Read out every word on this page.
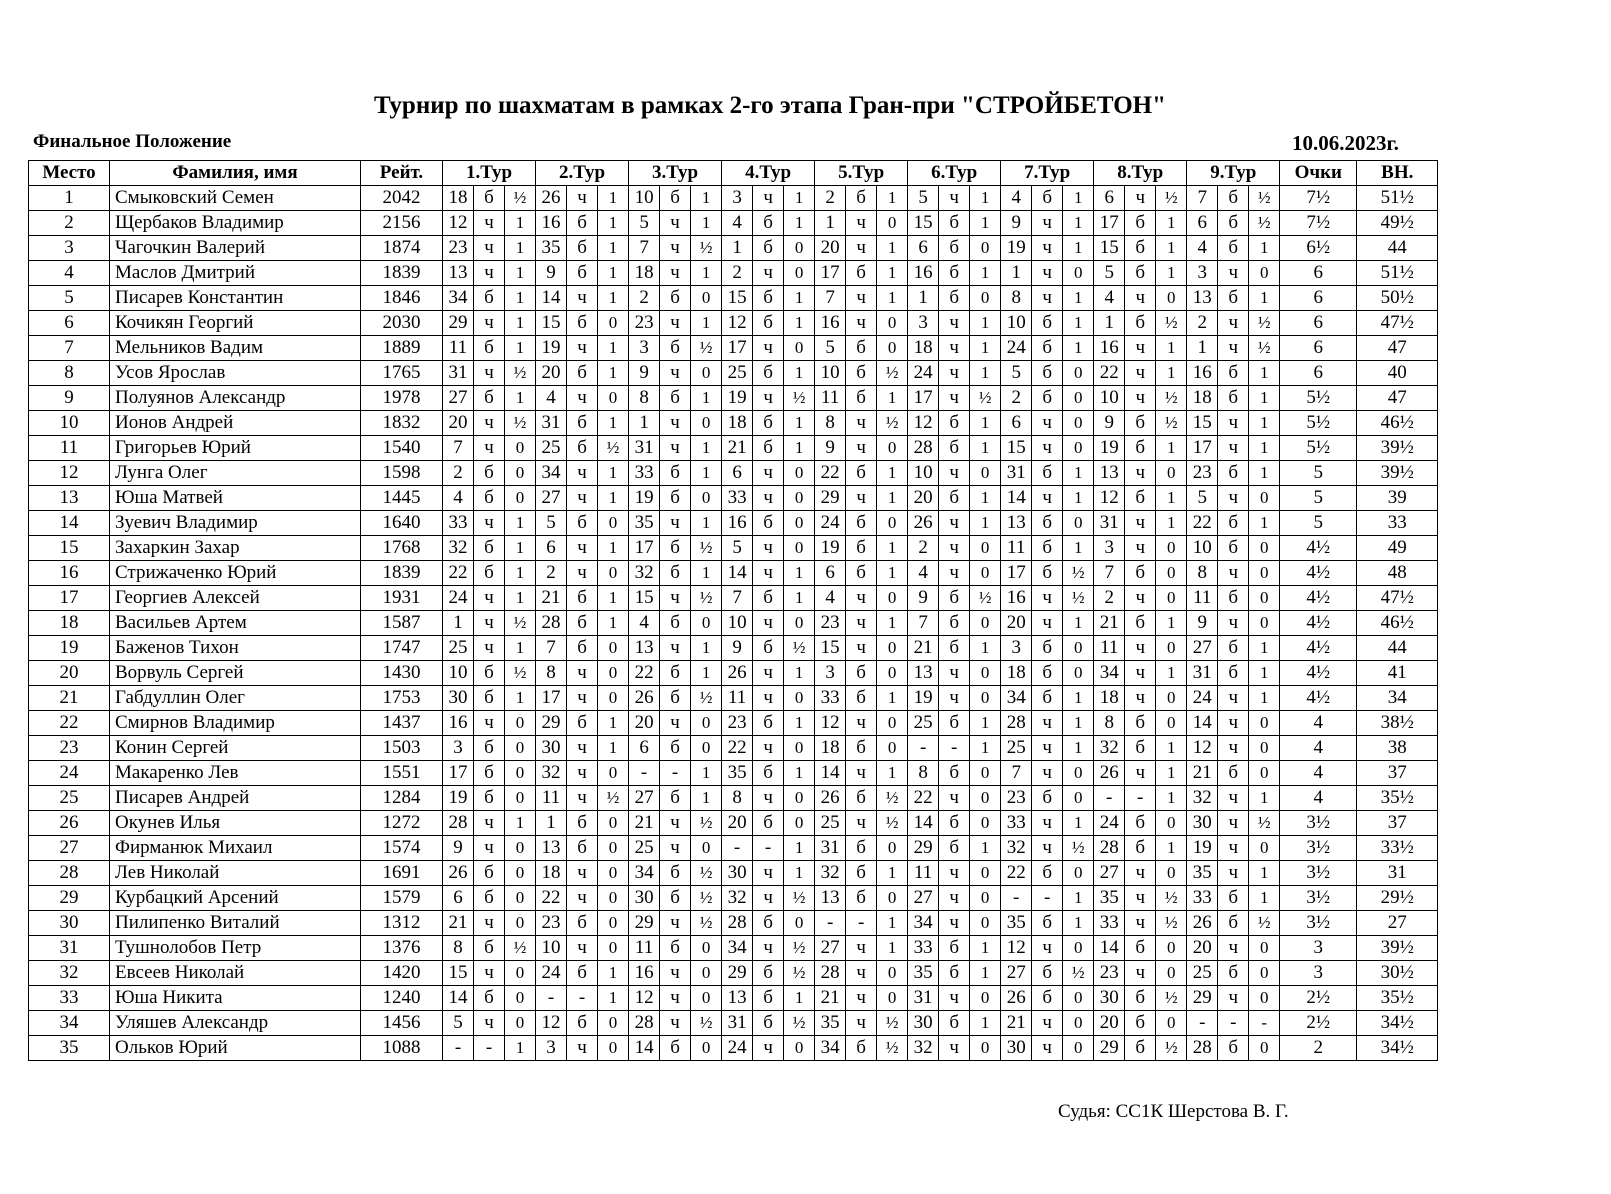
Турнир по шахматам в рамках 2-го этапа Гран-при "СТРОЙБЕТОН"
Финальное Положение	10.06.2023г.
Место	Фамилия, имя	Рейт.	1.Тур			2.Тур			3.Тур			4.Тур			5.Тур			6.Тур			7.Тур			8.Тур			9.Тур			Очки	ВН.
1	Смыковский Семен	2042	18	б	½	26	ч	1	10	б	1	3	ч	1	2	б	1	5	ч	1	4	б	1	6	ч	½	7	б	½	7½	51½
2	Щербаков Владимир	2156	12	ч	1	16	б	1	5	ч	1	4	б	1	1	ч	0	15	б	1	9	ч	1	17	б	1	6	б	½	7½	49½
3	Чагочкин Валерий	1874	23	ч	1	35	б	1	7	ч	½	1	б	0	20	ч	1	6	б	0	19	ч	1	15	б	1	4	б	1	6½	44
4	Маслов Дмитрий	1839	13	ч	1	9	б	1	18	ч	1	2	ч	0	17	б	1	16	б	1	1	ч	0	5	б	1	3	ч	0	6	51½
5	Писарев Константин	1846	34	б	1	14	ч	1	2	б	0	15	б	1	7	ч	1	1	б	0	8	ч	1	4	ч	0	13	б	1	6	50½
6	Кочикян Георгий	2030	29	ч	1	15	б	0	23	ч	1	12	б	1	16	ч	0	3	ч	1	10	б	1	1	б	½	2	ч	½	6	47½
7	Мельников Вадим	1889	11	б	1	19	ч	1	3	б	½	17	ч	0	5	б	0	18	ч	1	24	б	1	16	ч	1	1	ч	½	6	47
8	Усов Ярослав	1765	31	ч	½	20	б	1	9	ч	0	25	б	1	10	б	½	24	ч	1	5	б	0	22	ч	1	16	б	1	6	40
9	Полуянов Александр	1978	27	б	1	4	ч	0	8	б	1	19	ч	½	11	б	1	17	ч	½	2	б	0	10	ч	½	18	б	1	5½	47
10	Ионов Андрей	1832	20	ч	½	31	б	1	1	ч	0	18	б	1	8	ч	½	12	б	1	6	ч	0	9	б	½	15	ч	1	5½	46½
11	Григорьев Юрий	1540	7	ч	0	25	б	½	31	ч	1	21	б	1	9	ч	0	28	б	1	15	ч	0	19	б	1	17	ч	1	5½	39½
12	Лунга Олег	1598	2	б	0	34	ч	1	33	б	1	6	ч	0	22	б	1	10	ч	0	31	б	1	13	ч	0	23	б	1	5	39½
13	Юша Матвей	1445	4	б	0	27	ч	1	19	б	0	33	ч	0	29	ч	1	20	б	1	14	ч	1	12	б	1	5	ч	0	5	39
14	Зуевич Владимир	1640	33	ч	1	5	б	0	35	ч	1	16	б	0	24	б	0	26	ч	1	13	б	0	31	ч	1	22	б	1	5	33
15	Захаркин Захар	1768	32	б	1	6	ч	1	17	б	½	5	ч	0	19	б	1	2	ч	0	11	б	1	3	ч	0	10	б	0	4½	49
16	Стрижаченко Юрий	1839	22	б	1	2	ч	0	32	б	1	14	ч	1	6	б	1	4	ч	0	17	б	½	7	б	0	8	ч	0	4½	48
17	Георгиев Алексей	1931	24	ч	1	21	б	1	15	ч	½	7	б	1	4	ч	0	9	б	½	16	ч	½	2	ч	0	11	б	0	4½	47½
18	Васильев Артем	1587	1	ч	½	28	б	1	4	б	0	10	ч	0	23	ч	1	7	б	0	20	ч	1	21	б	1	9	ч	0	4½	46½
19	Баженов Тихон	1747	25	ч	1	7	б	0	13	ч	1	9	б	½	15	ч	0	21	б	1	3	б	0	11	ч	0	27	б	1	4½	44
20	Ворвуль Сергей	1430	10	б	½	8	ч	0	22	б	1	26	ч	1	3	б	0	13	ч	0	18	б	0	34	ч	1	31	б	1	4½	41
21	Габдуллин Олег	1753	30	б	1	17	ч	0	26	б	½	11	ч	0	33	б	1	19	ч	0	34	б	1	18	ч	0	24	ч	1	4½	34
22	Смирнов Владимир	1437	16	ч	0	29	б	1	20	ч	0	23	б	1	12	ч	0	25	б	1	28	ч	1	8	б	0	14	ч	0	4	38½
23	Конин Сергей	1503	3	б	0	30	ч	1	6	б	0	22	ч	0	18	б	0	-	-	1	25	ч	1	32	б	1	12	ч	0	4	38
24	Макаренко Лев	1551	17	б	0	32	ч	0	-	-	1	35	б	1	14	ч	1	8	б	0	7	ч	0	26	ч	1	21	б	0	4	37
25	Писарев Андрей	1284	19	б	0	11	ч	½	27	б	1	8	ч	0	26	б	½	22	ч	0	23	б	0	-	-	1	32	ч	1	4	35½
26	Окунев Илья	1272	28	ч	1	1	б	0	21	ч	½	20	б	0	25	ч	½	14	б	0	33	ч	1	24	б	0	30	ч	½	3½	37
27	Фирманюк Михаил	1574	9	ч	0	13	б	0	25	ч	0	-	-	1	31	б	0	29	б	1	32	ч	½	28	б	1	19	ч	0	3½	33½
28	Лев Николай	1691	26	б	0	18	ч	0	34	б	½	30	ч	1	32	б	1	11	ч	0	22	б	0	27	ч	0	35	ч	1	3½	31
29	Курбацкий Арсений	1579	6	б	0	22	ч	0	30	б	½	32	ч	½	13	б	0	27	ч	0	-	-	1	35	ч	½	33	б	1	3½	29½
30	Пилипенко Виталий	1312	21	ч	0	23	б	0	29	ч	½	28	б	0	-	-	1	34	ч	0	35	б	1	33	ч	½	26	б	½	3½	27
31	Тушнолобов Петр	1376	8	б	½	10	ч	0	11	б	0	34	ч	½	27	ч	1	33	б	1	12	ч	0	14	б	0	20	ч	0	3	39½
32	Евсеев Николай	1420	15	ч	0	24	б	1	16	ч	0	29	б	½	28	ч	0	35	б	1	27	б	½	23	ч	0	25	б	0	3	30½
33	Юша Никита	1240	14	б	0	-	-	1	12	ч	0	13	б	1	21	ч	0	31	ч	0	26	б	0	30	б	½	29	ч	0	2½	35½
34	Уляшев Александр	1456	5	ч	0	12	б	0	28	ч	½	31	б	½	35	ч	½	30	б	1	21	ч	0	20	б	0	-	-	-	2½	34½
35	Ольков Юрий	1088	-	-	1	3	ч	0	14	б	0	24	ч	0	34	б	½	32	ч	0	30	ч	0	29	б	½	28	б	0	2	34½
Судья: СС1К Шерстова В. Г.
